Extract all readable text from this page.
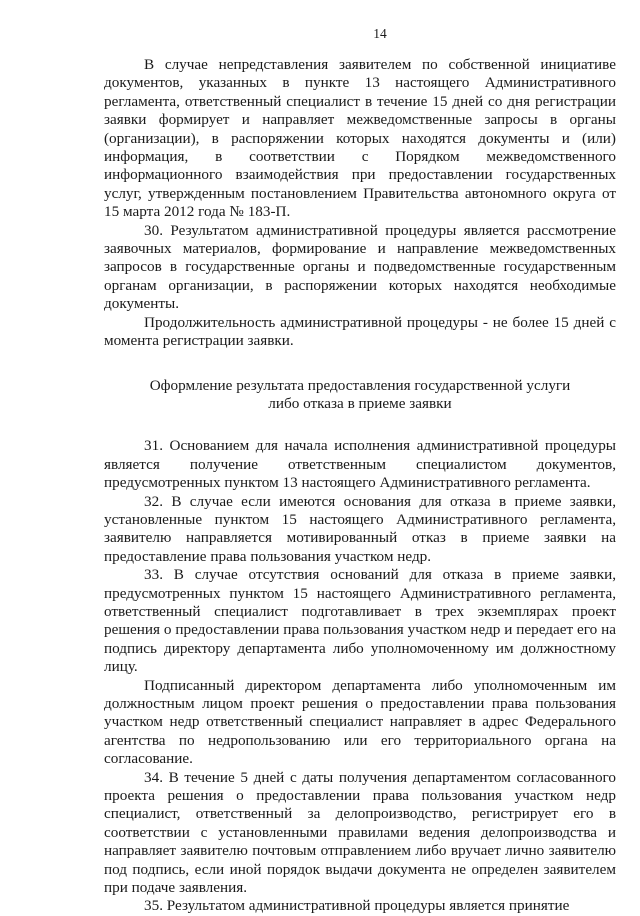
14

В случае непредставления заявителем по собственной инициативе документов, указанных в пункте 13 настоящего Административного регламента, ответственный специалист в течение 15 дней со дня регистрации заявки формирует и направляет межведомственные запросы в органы (организации), в распоряжении которых находятся документы и (или) информация, в соответствии с Порядком межведомственного информационного взаимодействия при предоставлении государственных услуг, утвержденным постановлением Правительства автономного округа от 15 марта 2012 года № 183-П.

30. Результатом административной процедуры является рассмотрение заявочных материалов, формирование и направление межведомственных запросов в государственные органы и подведомственные государственным органам организации, в распоряжении которых находятся необходимые документы.

Продолжительность административной процедуры - не более 15 дней с момента регистрации заявки.

Оформление результата предоставления государственной услуги
либо отказа в приеме заявки

31. Основанием для начала исполнения административной процедуры является получение ответственным специалистом документов, предусмотренных пунктом 13 настоящего Административного регламента.

32. В случае если имеются основания для отказа в приеме заявки, установленные пунктом 15 настоящего Административного регламента, заявителю направляется мотивированный отказ в приеме заявки на предоставление права пользования участком недр.

33. В случае отсутствия оснований для отказа в приеме заявки, предусмотренных пунктом 15 настоящего Административного регламента, ответственный специалист подготавливает в трех экземплярах проект решения о предоставлении права пользования участком недр и передает его на подпись директору департамента либо уполномоченному им должностному лицу.

Подписанный директором департамента либо уполномоченным им должностным лицом проект решения о предоставлении права пользования участком недр ответственный специалист направляет в адрес Федерального агентства по недропользованию или его территориального органа на согласование.

34. В течение 5 дней с даты получения департаментом согласованного проекта решения о предоставлении права пользования участком недр специалист, ответственный за делопроизводство, регистрирует его в соответствии с установленными правилами ведения делопроизводства и направляет заявителю почтовым отправлением либо вручает лично заявителю под подпись, если иной порядок выдачи документа не определен заявителем при подаче заявления.

35. Результатом административной процедуры является принятие
